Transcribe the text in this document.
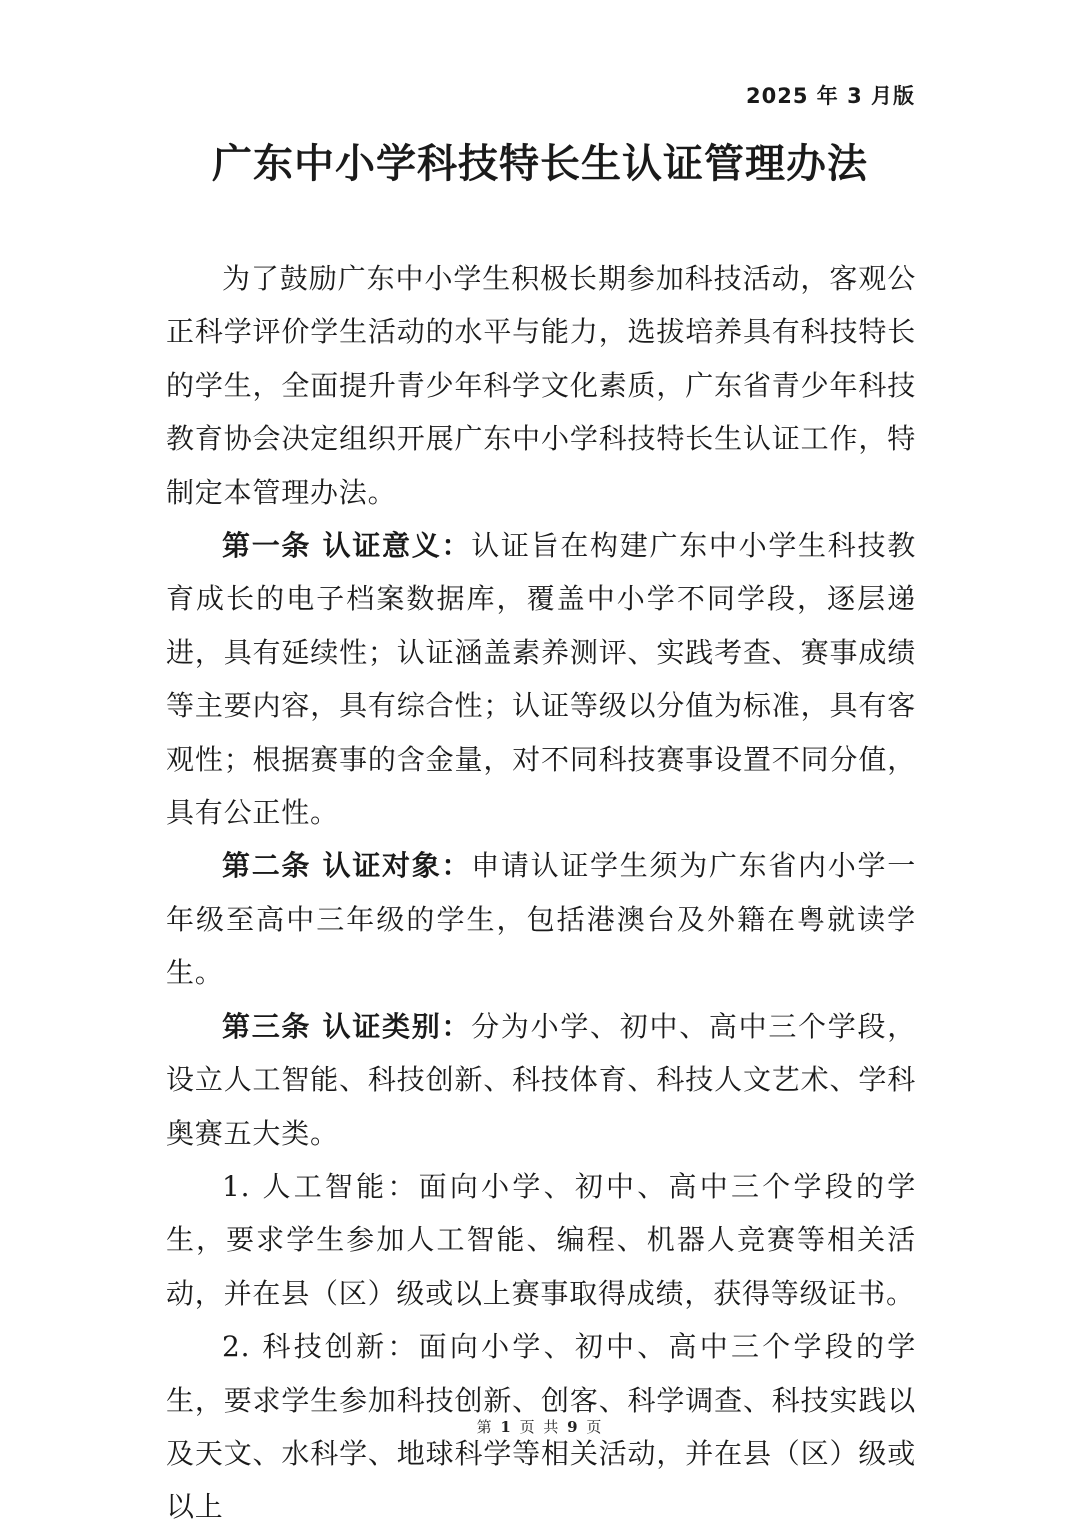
2025 年 3 月版
广东中小学科技特长生认证管理办法

为了鼓励广东中小学生积极长期参加科技活动，客观公正科学评价学生活动的水平与能力，选拔培养具有科技特长的学生，全面提升青少年科学文化素质，广东省青少年科技教育协会决定组织开展广东中小学科技特长生认证工作，特制定本管理办法。

第一条 认证意义：认证旨在构建广东中小学生科技教育成长的电子档案数据库，覆盖中小学不同学段，逐层递进，具有延续性；认证涵盖素养测评、实践考查、赛事成绩等主要内容，具有综合性；认证等级以分值为标准，具有客观性；根据赛事的含金量，对不同科技赛事设置不同分值，具有公正性。

第二条 认证对象：申请认证学生须为广东省内小学一年级至高中三年级的学生，包括港澳台及外籍在粤就读学生。

第三条 认证类别：分为小学、初中、高中三个学段，设立人工智能、科技创新、科技体育、科技人文艺术、学科奥赛五大类。

1. 人工智能：面向小学、初中、高中三个学段的学生，要求学生参加人工智能、编程、机器人竞赛等相关活动，并在县（区）级或以上赛事取得成绩，获得等级证书。

2. 科技创新：面向小学、初中、高中三个学段的学生，要求学生参加科技创新、创客、科学调查、科技实践以及天文、水科学、地球科学等相关活动，并在县（区）级或以上

第 1 页 共 9 页
